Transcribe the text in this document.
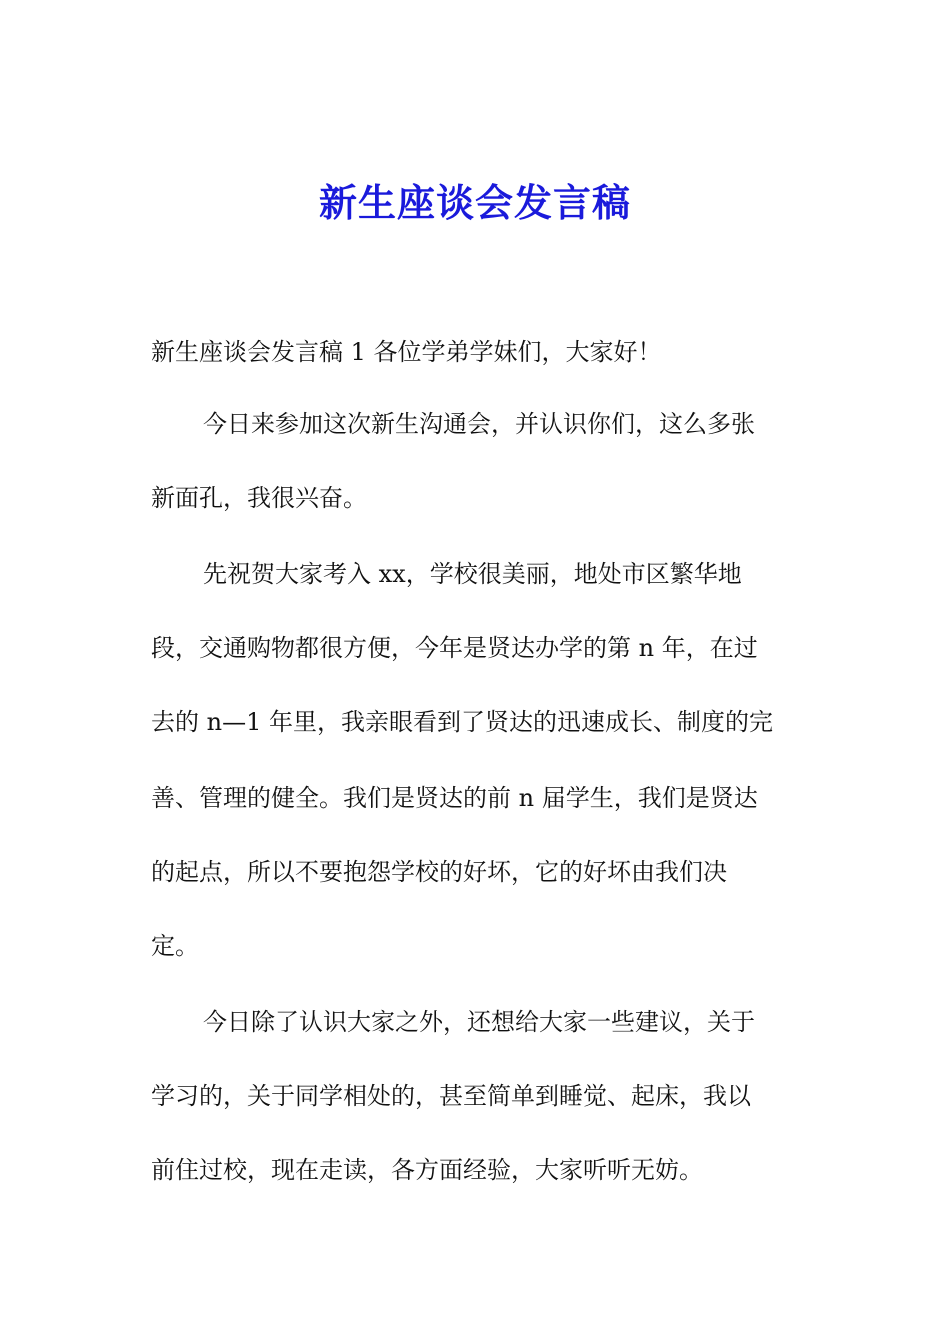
新生座谈会发言稿

新生座谈会发言稿 1 各位学弟学妹们，大家好！

今日来参加这次新生沟通会，并认识你们，这么多张

新面孔，我很兴奋。

先祝贺大家考入 xx，学校很美丽，地处市区繁华地

段，交通购物都很方便，今年是贤达办学的第 n 年，在过

去的 n—1 年里，我亲眼看到了贤达的迅速成长、制度的完

善、管理的健全。我们是贤达的前 n 届学生，我们是贤达

的起点，所以不要抱怨学校的好坏，它的好坏由我们决

定。

今日除了认识大家之外，还想给大家一些建议，关于

学习的，关于同学相处的，甚至简单到睡觉、起床，我以

前住过校，现在走读，各方面经验，大家听听无妨。
